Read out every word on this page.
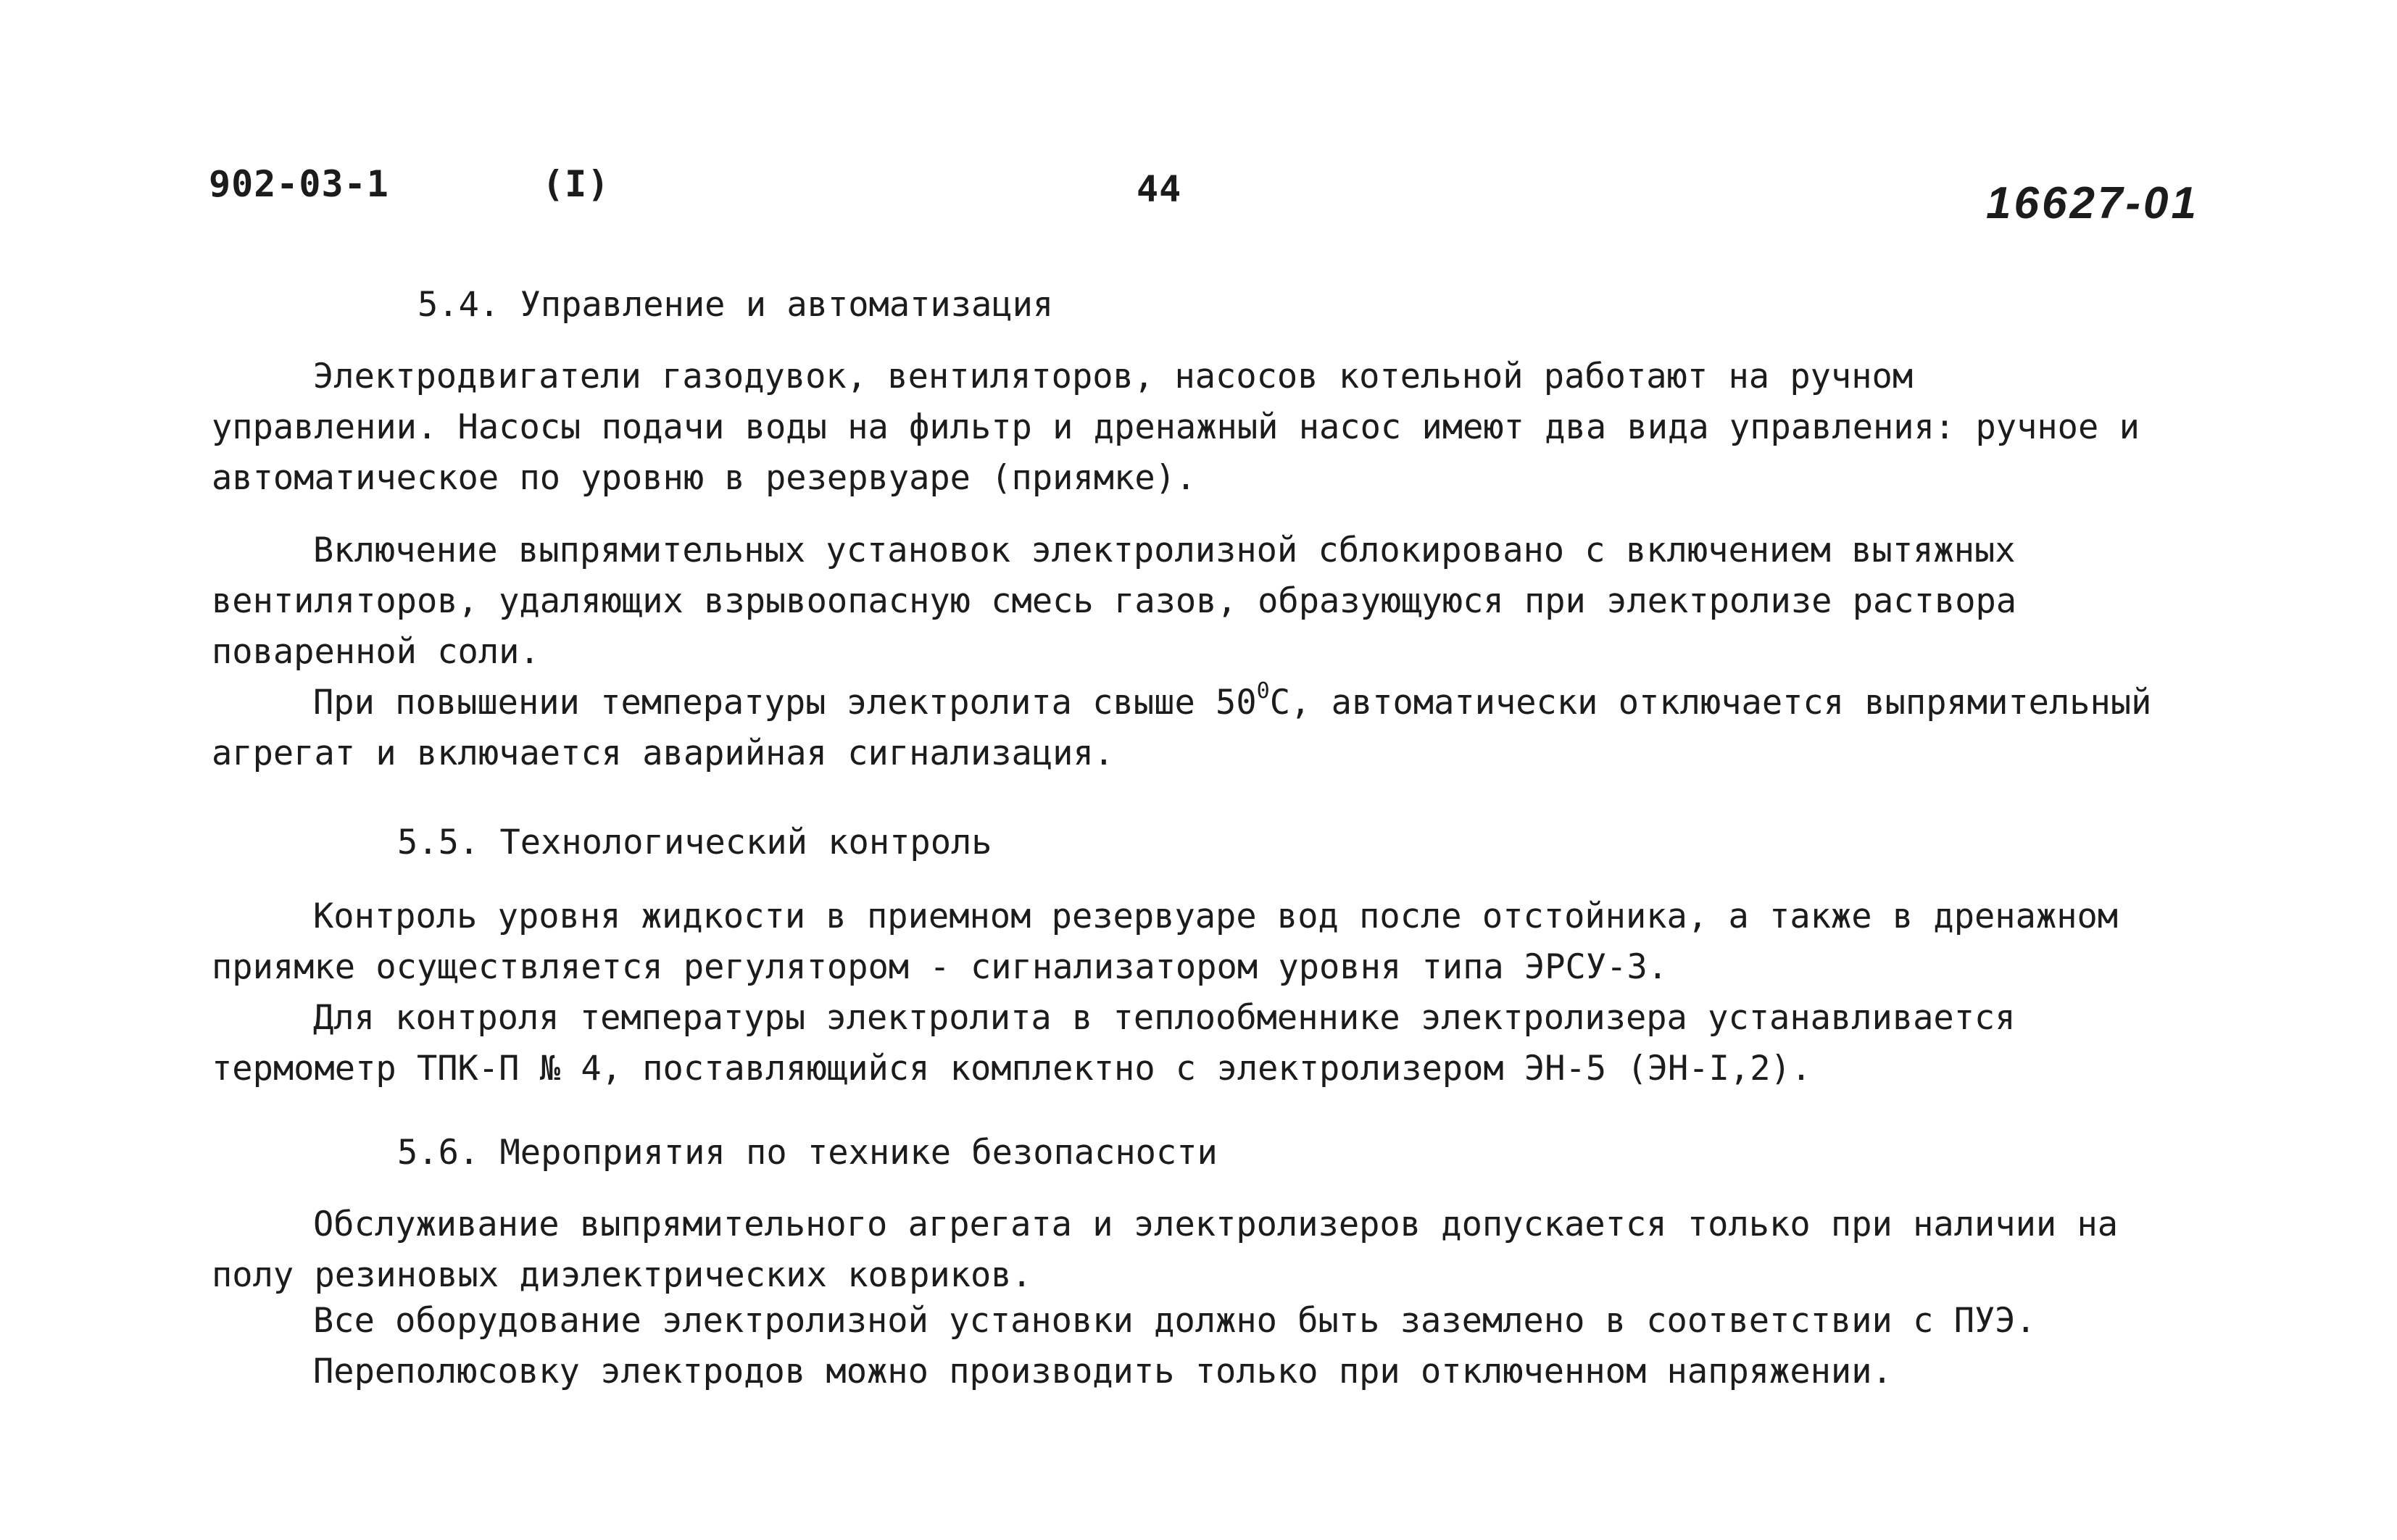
902-03-1	(I)	44	16627-01
5.4. Управление и автоматизация
Электродвигатели газодувок, вентиляторов, насосов котельной работают на ручном управлении. Насосы подачи воды на фильтр и дренажный насос имеют два вида управления: ручное и автоматическое по уровню в резервуаре (приямке).
Включение выпрямительных установок электролизной сблокировано с включением вытяжных вентиляторов, удаляющих взрывоопасную смесь газов, образующуюся при электролизе раствора поваренной соли.
При повышении температуры электролита свыше $50^0С$, автоматически отключается выпрямительный агрегат и включается аварийная сигнализация.
5.5. Технологический контроль
Контроль уровня жидкости в приемном резервуаре вод после отстойника, а также в дренажном приямке осуществляется регулятором - сигнализатором уровня типа ЭРСУ-3.
Для контроля температуры электролита в теплообменнике электролизера устанавливается термометр ТПК-П № 4, поставляющийся комплектно с электролизером ЭН-5 (ЭН-I,2).
5.6. Мероприятия по технике безопасности
Обслуживание выпрямительного агрегата и электролизеров допускается только при наличии на полу резиновых диэлектрических ковриков.
Все оборудование электролизной установки должно быть заземлено в соответствии с ПУЭ.
Переполюсовку электродов можно производить только при отключенном напряжении.
